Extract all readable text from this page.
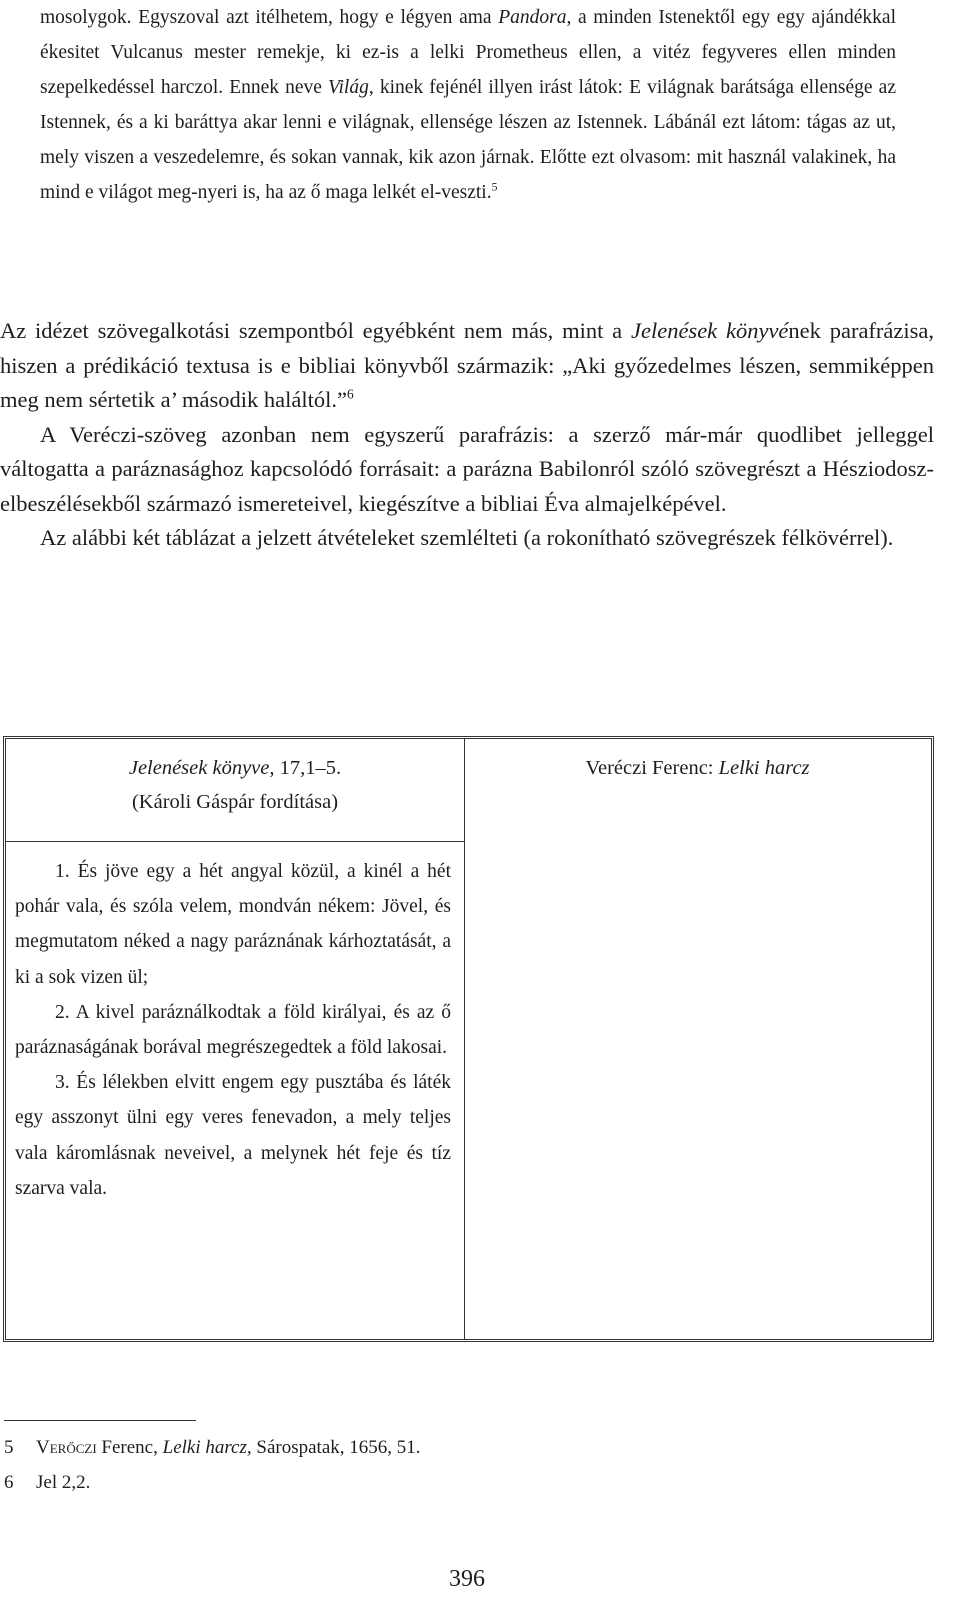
mosolygok. Egyszoval azt itélhetem, hogy e légyen ama Pandora, a minden Istenektől egy egy ajándékkal ékesitet Vulcanus mester remekje, ki ez-is a lelki Prometheus ellen, a vitéz fegyveres ellen minden szepelkedéssel harczol. Ennek neve Világ, kinek fejénél illyen irást látok: E világnak barátsága ellensége az Istennek, és a ki baráttya akar lenni e világnak, ellensége lészen az Istennek. Lábánál ezt látom: tágas az ut, mely viszen a veszedelemre, és sokan vannak, kik azon járnak. Előtte ezt olvasom: mit használ valakinek, ha mind e világot meg-nyeri is, ha az ő maga lelkét el-veszti.$^5$

Az idézet szövegalkotási szempontból egyébként nem más, mint a Jelenések könyvének parafrázisa, hiszen a prédikáció textusa is e bibliai könyvből származik: „Aki győzedelmes lészen, semmiképpen meg nem sértetik a’ második haláltól.”$^6$

A Veréczi-szöveg azonban nem egyszerű parafrázis: a szerző már-már quodlibet jelleggel váltogatta a paráznasághoz kapcsolódó forrásait: a parázna Babilonról szóló szövegrészt a Hésziodosz-elbeszélésekből származó ismereteivel, kiegészítve a bibliai Éva almajelképével.

Az alábbi két táblázat a jelzett átvételeket szemlélteti (a rokonítható szövegrészek félkövérrel).

Jelenések könyve, 17,1–5.
(Károli Gáspár fordítása)
Veréczi Ferenc: Lelki harcz

1. És jöve egy a hét angyal közül, a kinél a hét pohár vala, és szóla velem, mondván nékem: Jövel, és megmutatom néked a nagy paráznának kárhoztatását, a ki a sok vizen ül;

2. A kivel paráználkodtak a föld királyai, és az ő paráznaságának borával megrészegedtek a föld lakosai.

3. És lélekben elvitt engem egy pusztába és láték egy asszonyt ülni egy veres fenevadon, a mely teljes vala káromlásnak neveivel, a melynek hét feje és tíz szarva vala.

5	Verőczi Ferenc, Lelki harcz, Sárospatak, 1656, 51.
6	Jel 2,2.
396
